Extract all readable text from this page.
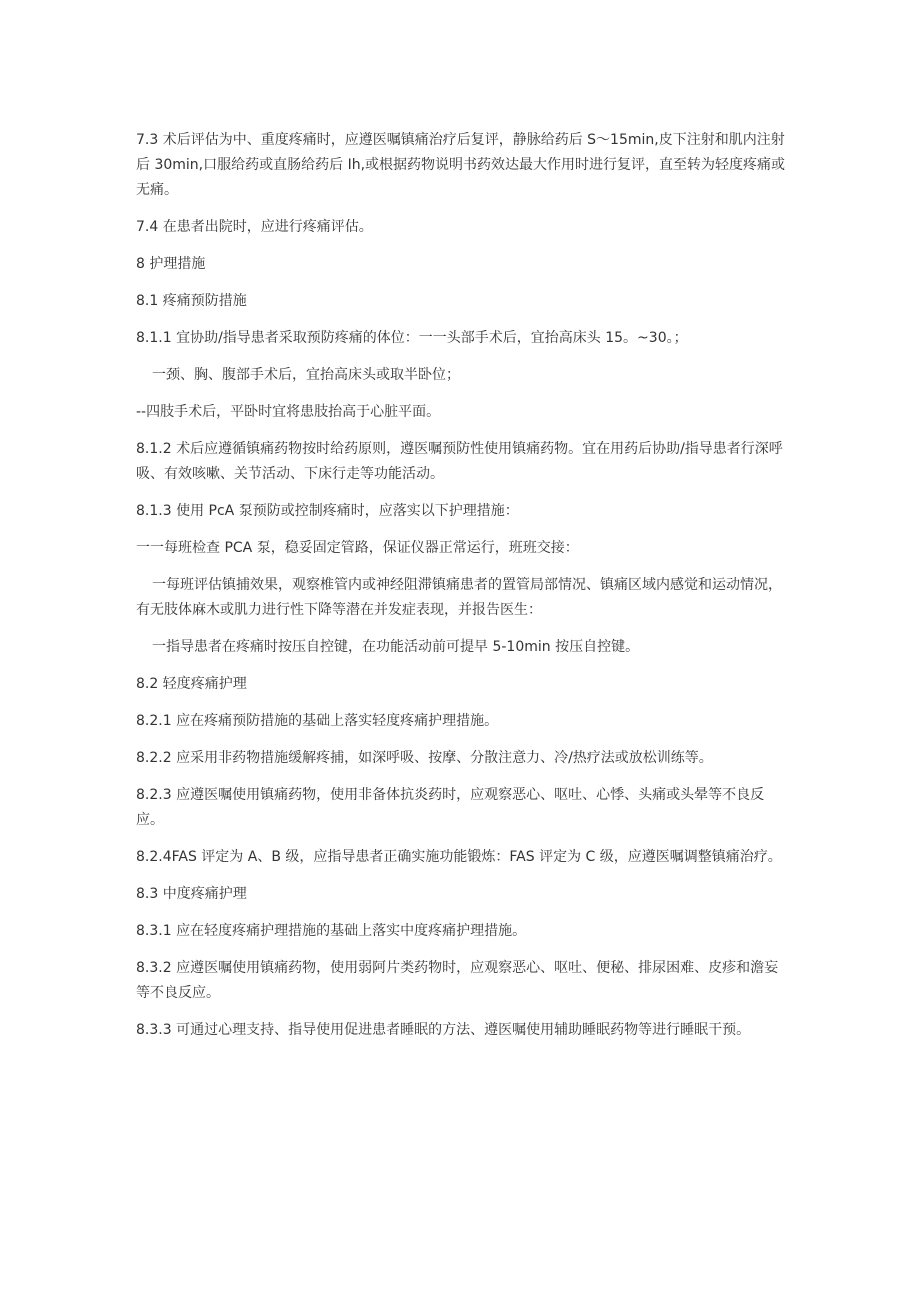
7.3 术后评估为中、重度疼痛时，应遵医嘱镇痛治疗后复评，静脉给药后 S～15min,皮下注射和肌内注射后 30min,口服给药或直肠给药后 Ih,或根据药物说明书药效达最大作用时进行复评，直至转为轻度疼痛或无痛。

7.4 在患者出院时，应进行疼痛评估。

8 护理措施

8.1 疼痛预防措施

8.1.1 宜协助/指导患者采取预防疼痛的体位：一一头部手术后，宜抬高床头 15。~30。；

一颈、胸、腹部手术后，宜抬高床头或取半卧位；

--四肢手术后，平卧时宜将患肢抬高于心脏平面。

8.1.2 术后应遵循镇痛药物按时给药原则，遵医嘱预防性使用镇痛药物。宜在用药后协助/指导患者行深呼吸、有效咳嗽、关节活动、下床行走等功能活动。

8.1.3 使用 PcA 泵预防或控制疼痛时，应落实以下护理措施：

一一每班检查 PCA 泵，稳妥固定管路，保证仪器正常运行，班班交接：

一每班评估镇捕效果，观察椎管内或神经阻滞镇痛患者的置管局部情况、镇痛区域内感觉和运动情况，有无肢体麻木或肌力进行性下降等潜在并发症表现，并报告医生：

一指导患者在疼痛时按压自控键，在功能活动前可提早 5-10min 按压自控键。

8.2 轻度疼痛护理

8.2.1 应在疼痛预防措施的基础上落实轻度疼痛护理措施。

8.2.2 应采用非药物措施缓解疼捕，如深呼吸、按摩、分散注意力、冷/热疗法或放松训练等。

8.2.3 应遵医嘱使用镇痛药物，使用非备体抗炎药时，应观察恶心、呕吐、心悸、头痛或头晕等不良反应。

8.2.4FAS 评定为 A、B 级，应指导患者正确实施功能锻炼：FAS 评定为 C 级，应遵医嘱调整镇痛治疗。

8.3 中度疼痛护理

8.3.1 应在轻度疼痛护理措施的基础上落实中度疼痛护理措施。

8.3.2 应遵医嘱使用镇痛药物，使用弱阿片类药物时，应观察恶心、呕吐、便秘、排尿困难、皮疹和澹妄等不良反应。

8.3.3 可通过心理支持、指导使用促进患者睡眠的方法、遵医嘱使用辅助睡眠药物等进行睡眠干预。
